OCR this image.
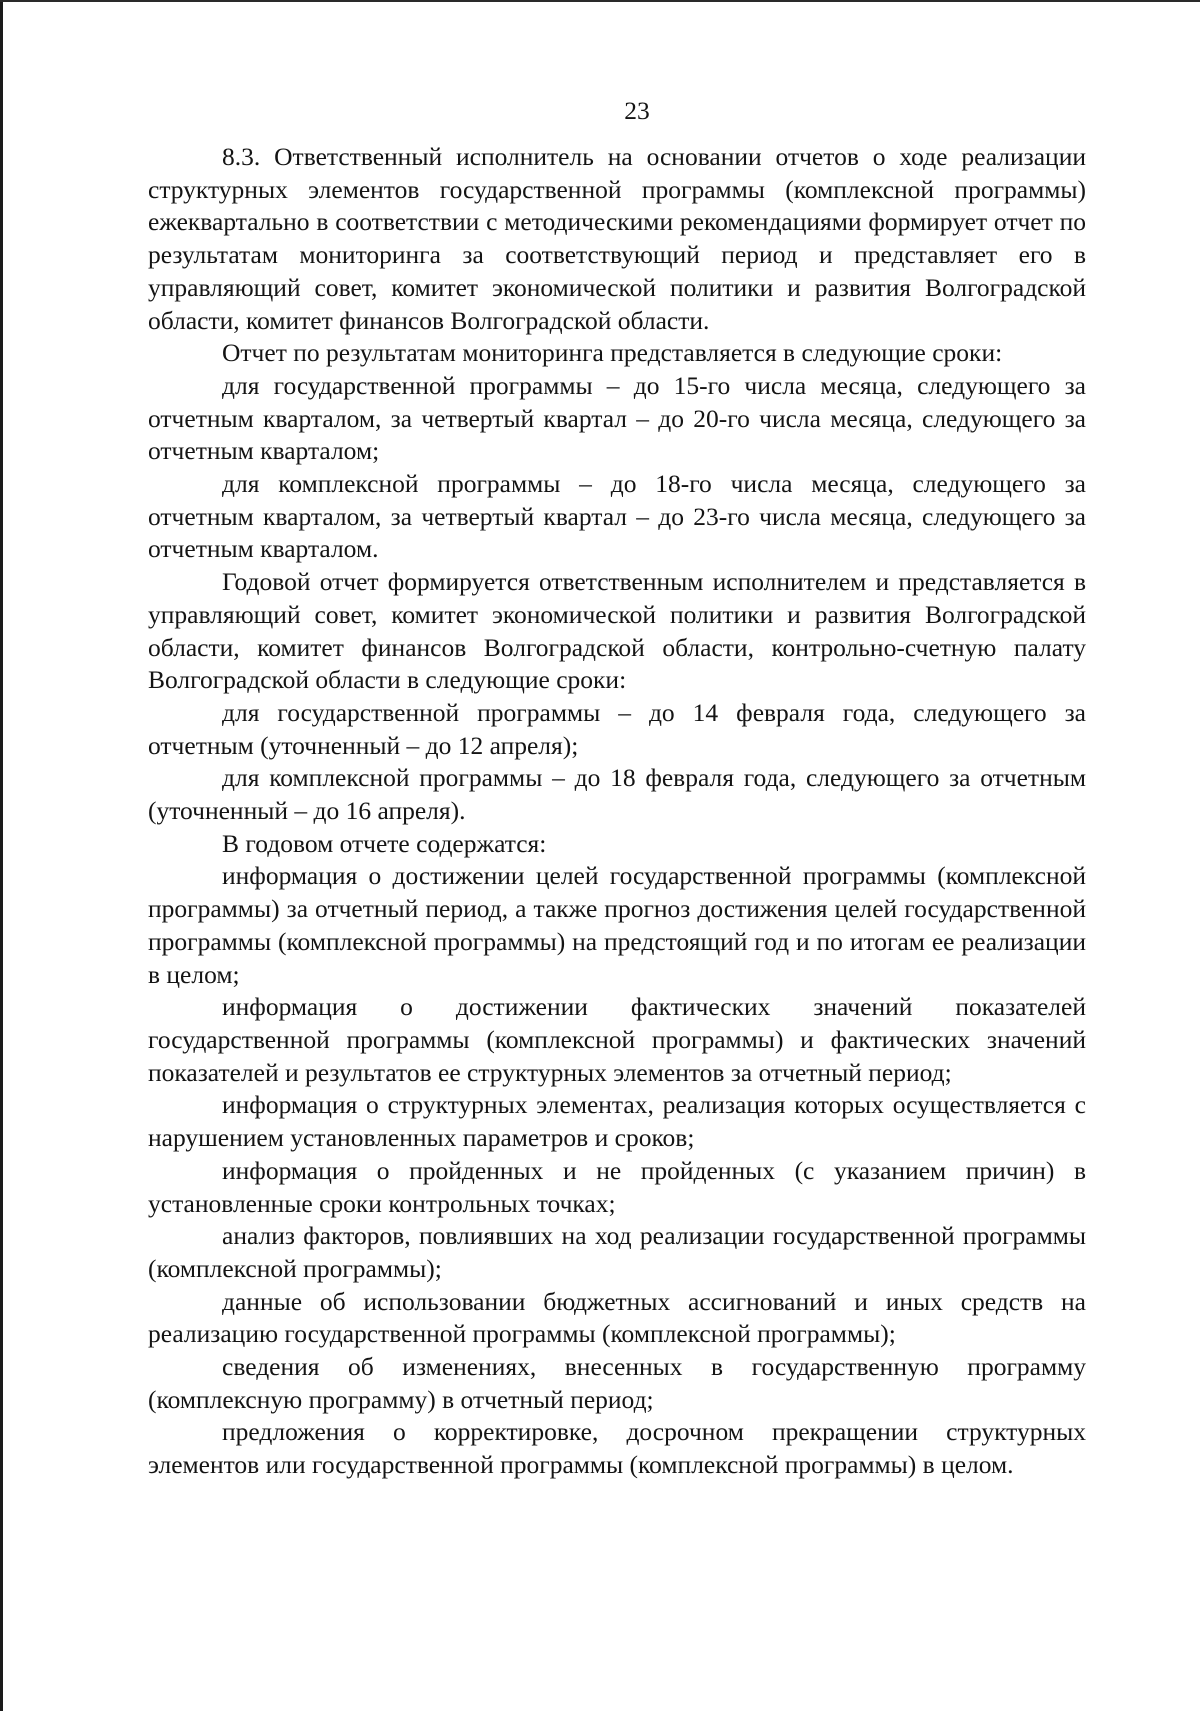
23

8.3. Ответственный исполнитель на основании отчетов о ходе реализации структурных элементов государственной программы (комплексной программы) ежеквартально в соответствии с методическими рекомендациями формирует отчет по результатам мониторинга за соответствующий период и представляет его в управляющий совет, комитет экономической политики и развития Волгоградской области, комитет финансов Волгоградской области.

Отчет по результатам мониторинга представляется в следующие сроки:

для государственной программы – до 15-го числа месяца, следующего за отчетным кварталом, за четвертый квартал – до 20-го числа месяца, следующего за отчетным кварталом;

для комплексной программы – до 18-го числа месяца, следующего за отчетным кварталом, за четвертый квартал – до 23-го числа месяца, следующего за отчетным кварталом.

Годовой отчет формируется ответственным исполнителем и представляется в управляющий совет, комитет экономической политики и развития Волгоградской области, комитет финансов Волгоградской области, контрольно-счетную палату Волгоградской области в следующие сроки:

для государственной программы – до 14 февраля года, следующего за отчетным (уточненный – до 12 апреля);

для комплексной программы – до 18 февраля года, следующего за отчетным (уточненный – до 16 апреля).

В годовом отчете содержатся:

информация о достижении целей государственной программы (комплексной программы) за отчетный период, а также прогноз достижения целей государственной программы (комплексной программы) на предстоящий год и по итогам ее реализации в целом;

информация о достижении фактических значений показателей государственной программы (комплексной программы) и фактических значений показателей и результатов ее структурных элементов за отчетный период;

информация о структурных элементах, реализация которых осуществляется с нарушением установленных параметров и сроков;

информация о пройденных и не пройденных (с указанием причин) в установленные сроки контрольных точках;

анализ факторов, повлиявших на ход реализации государственной программы (комплексной программы);

данные об использовании бюджетных ассигнований и иных средств на реализацию государственной программы (комплексной программы);

сведения об изменениях, внесенных в государственную программу (комплексную программу) в отчетный период;

предложения о корректировке, досрочном прекращении структурных элементов или государственной программы (комплексной программы) в целом.
